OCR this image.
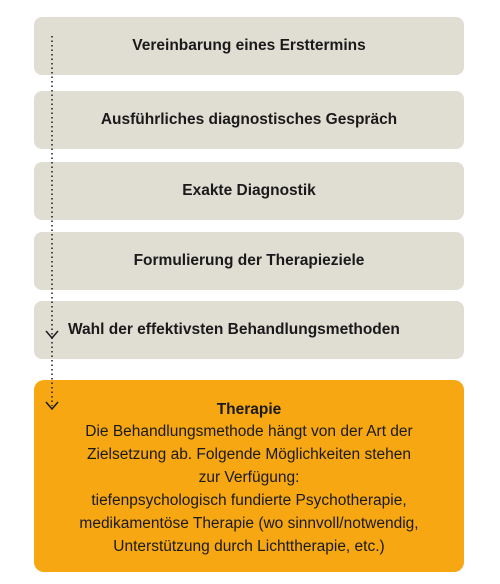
Vereinbarung eines Ersttermins
Ausführliches diagnostisches Gespräch
Exakte Diagnostik
Formulierung der Therapieziele
Wahl der effektivsten Behandlungsmethoden
Therapie
Die Behandlungsmethode hängt von der Art der
Zielsetzung ab. Folgende Möglichkeiten stehen
zur Verfügung:
tiefenpsychologisch fundierte Psychotherapie,
medikamentöse Therapie (wo sinnvoll/notwendig,
Unterstützung durch Lichttherapie, etc.)
